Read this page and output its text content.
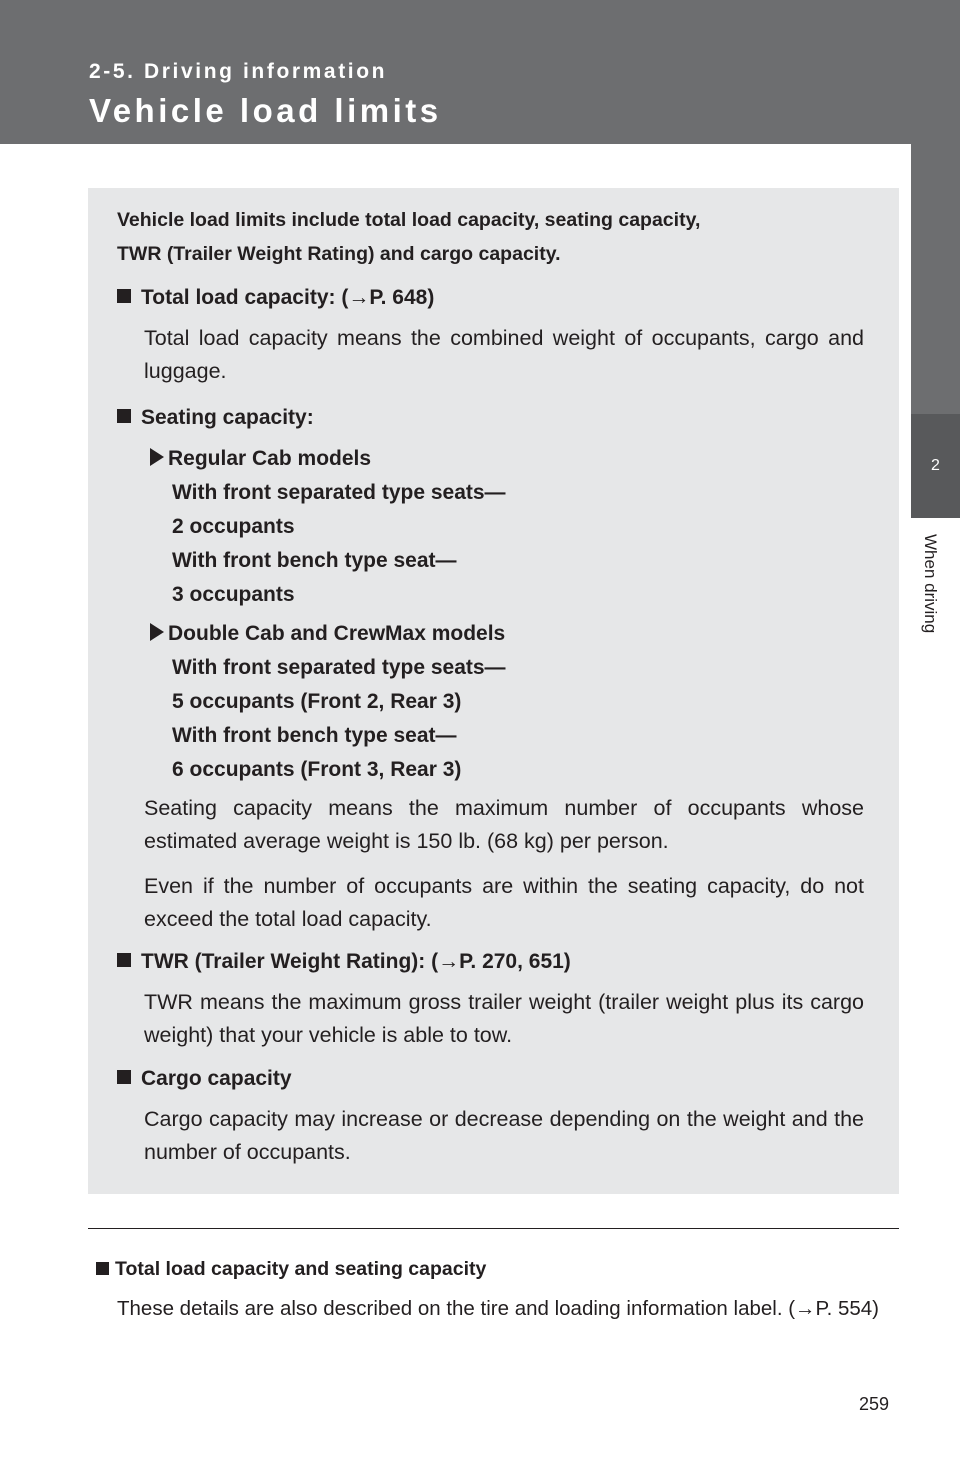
2-5. Driving information

Vehicle load limits
2
When driving

Vehicle load limits include total load capacity, seating capacity,

TWR (Trailer Weight Rating) and cargo capacity.

Total load capacity: (→P. 648)

Total load capacity means the combined weight of occupants, cargo and luggage.

Seating capacity:

Regular Cab models

With front separated type seats—

2 occupants

With front bench type seat—

3 occupants

Double Cab and CrewMax models

With front separated type seats—

5 occupants (Front 2, Rear 3)

With front bench type seat—

6 occupants (Front 3, Rear 3)

Seating capacity means the maximum number of occupants whose estimated average weight is 150 lb. (68 kg) per person.

Even if the number of occupants are within the seating capacity, do not exceed the total load capacity.

TWR (Trailer Weight Rating): (→P. 270, 651)

TWR means the maximum gross trailer weight (trailer weight plus its cargo weight) that your vehicle is able to tow.

Cargo capacity

Cargo capacity may increase or decrease depending on the weight and the number of occupants.

Total load capacity and seating capacity

These details are also described on the tire and loading information label. (→P. 554)

259
